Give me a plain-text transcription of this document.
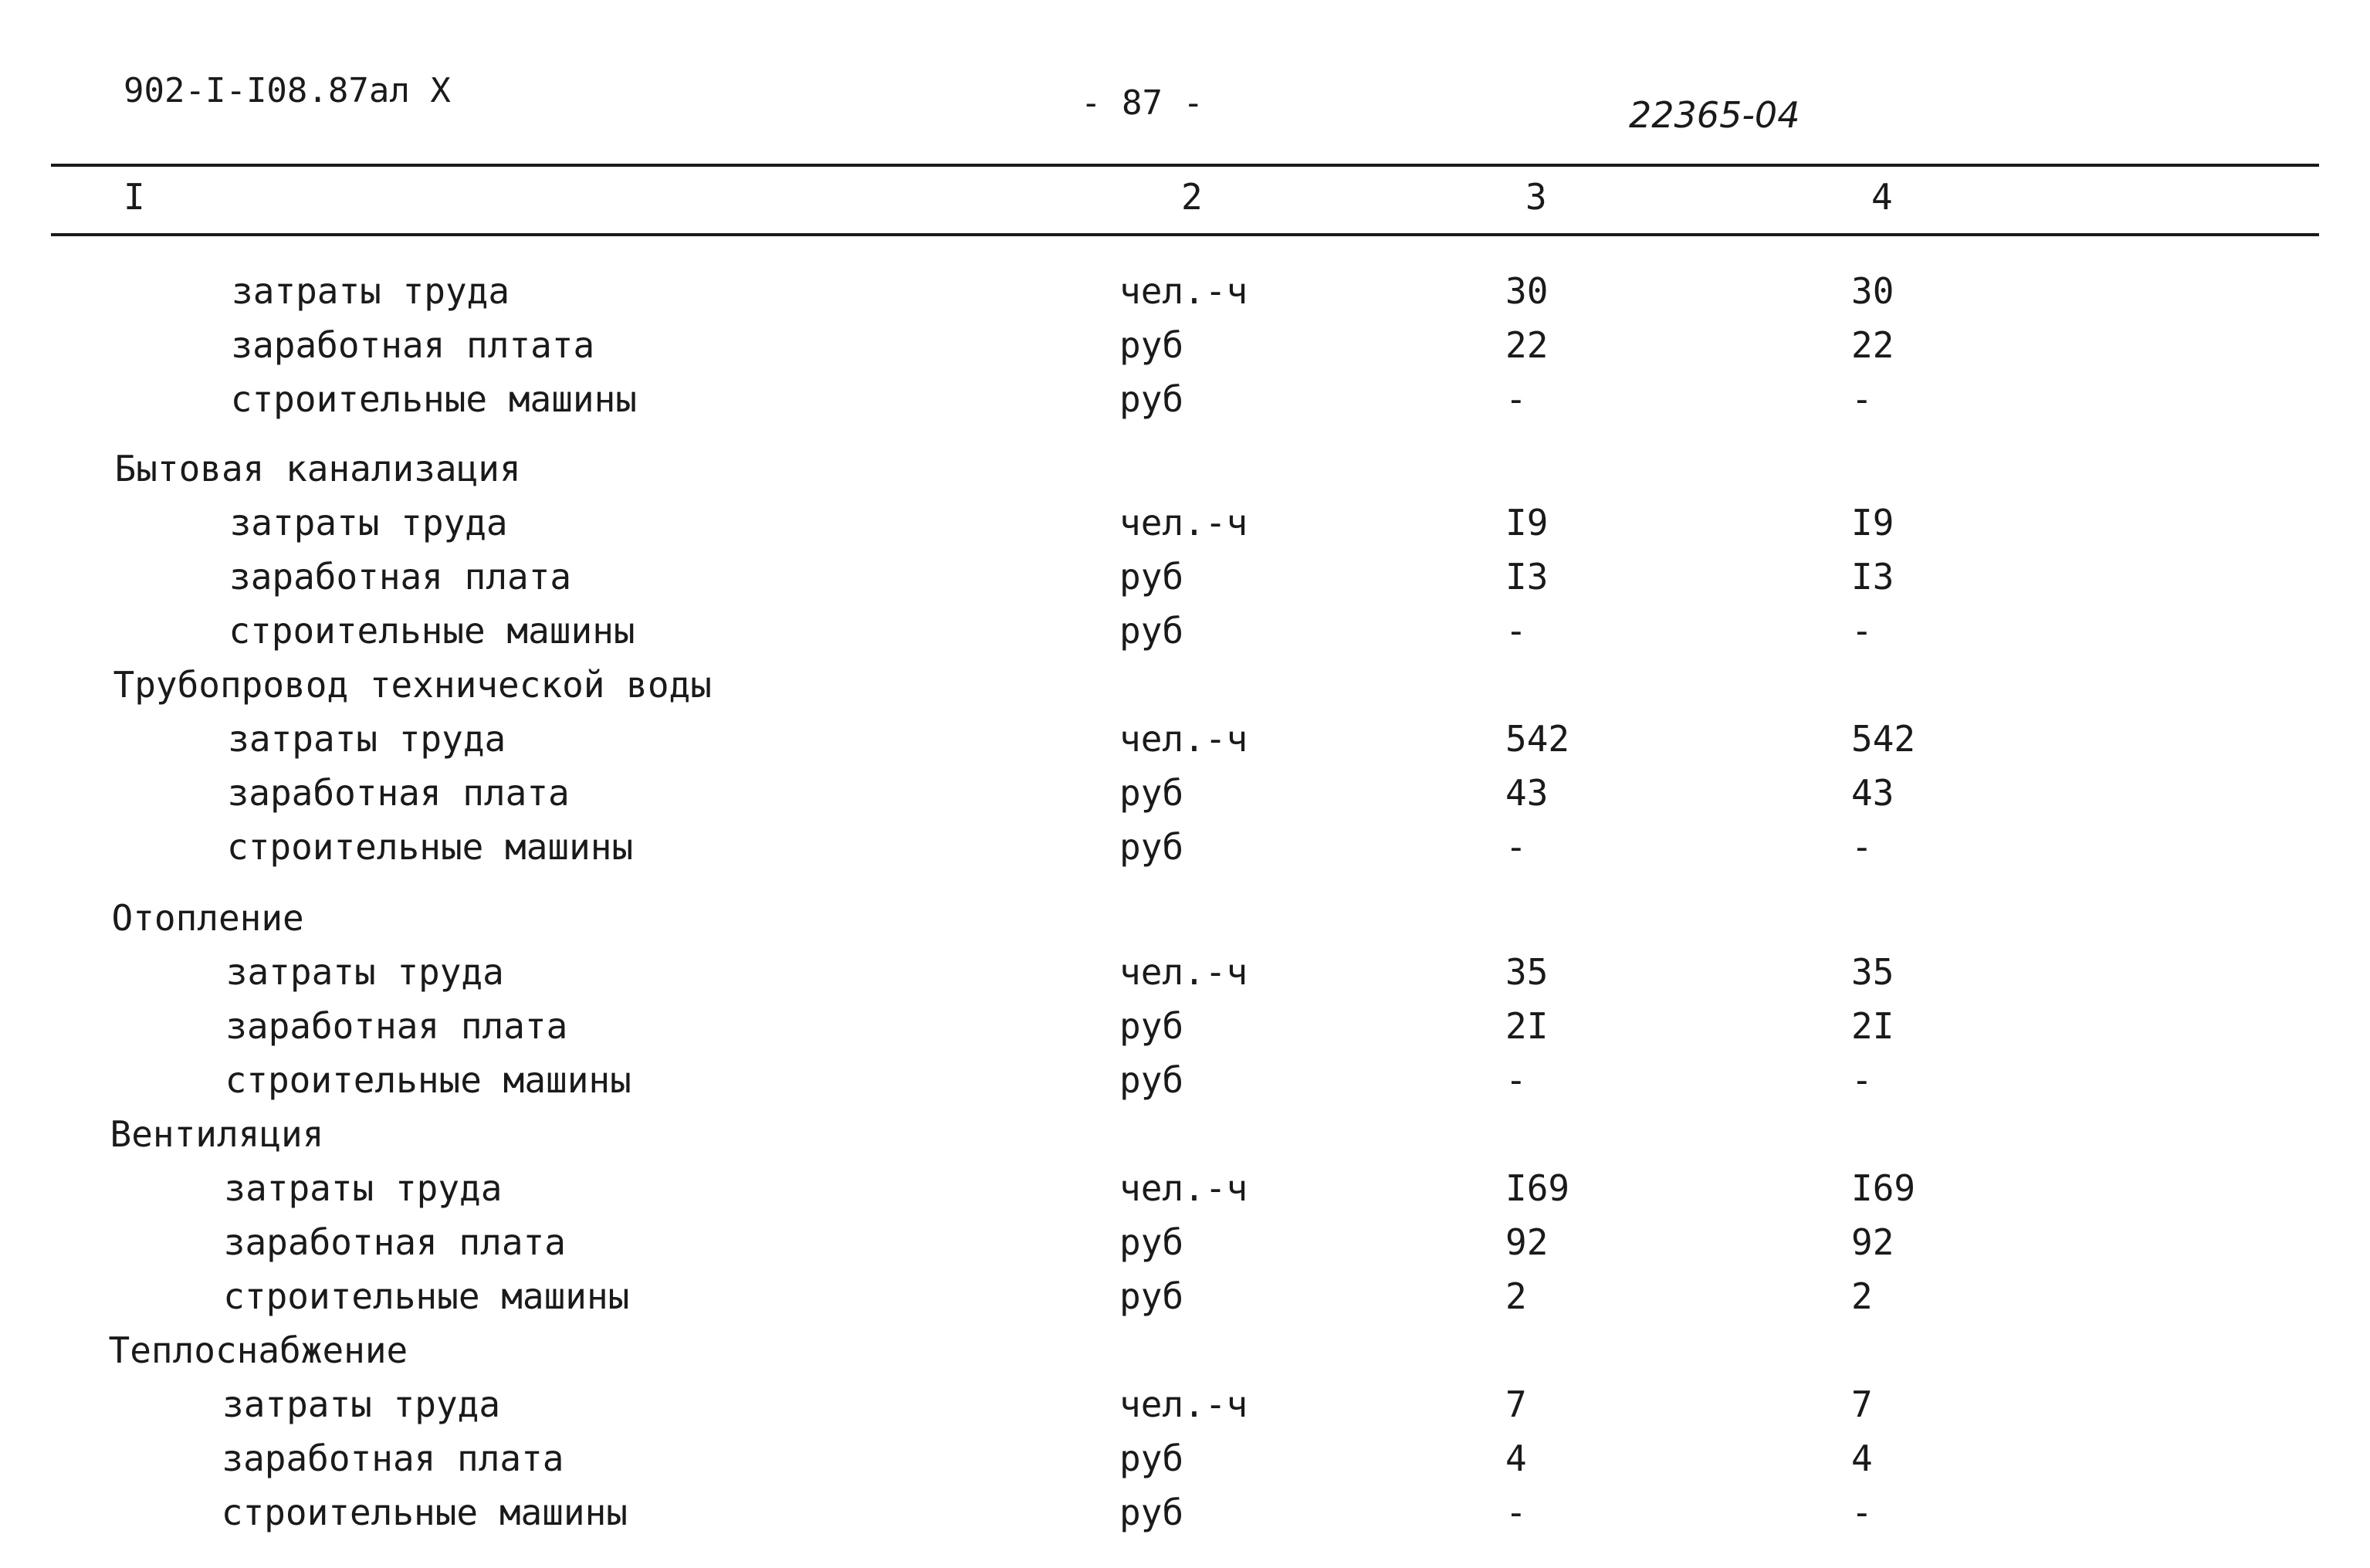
902-I-I08.87ал X	- 87 -	22365-04
I	2	3	4
затраты труда	чел.-ч	30	30
заработная плтата	руб	22	22
строительные машины	руб	-	-
Бытовая канализация
затраты труда	чел.-ч	I9	I9
заработная плата	руб	I3	I3
строительные машины	руб	-	-
Трубопровод технической воды
затраты труда	чел.-ч	542	542
заработная плата	руб	43	43
строительные машины	руб	-	-
Отопление
затраты труда	чел.-ч	35	35
заработная плата	руб	2I	2I
строительные машины	руб	-	-
Вентиляция
затраты труда	чел.-ч	I69	I69
заработная плата	руб	92	92
строительные машины	руб	2	2
Теплоснабжение
затраты труда	чел.-ч	7	7
заработная плата	руб	4	4
строительные машины	руб	-	-
